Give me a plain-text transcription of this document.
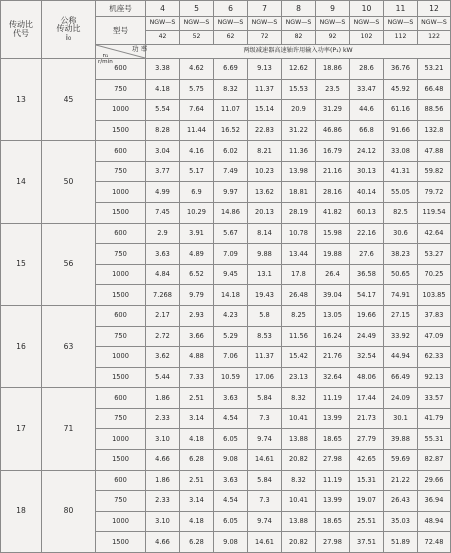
传动比
代号	公称
传动比
i₀	机座号	4	5	6	7	8	9	10	11	12
		型号	NGW—S	NGW—S	NGW—S	NGW—S	NGW—S	NGW—S	NGW—S	NGW—S	NGW—S
			42	52	62	72	82	92	102	112	122

		功 率
n₁
r/min	两级减速器高速轴许用输入功率(P₁) kW								
13	45	600	3.38	4.62	6.69	9.13	12.62	18.86	28.6	36.76	53.21
		750	4.18	5.75	8.32	11.37	15.53	23.5	33.47	45.92	66.48
		1000	5.54	7.64	11.07	15.14	20.9	31.29	44.6	61.16	88.56
		1500	8.28	11.44	16.52	22.83	31.22	46.86	66.8	91.66	132.8
14	50	600	3.04	4.16	6.02	8.21	11.36	16.79	24.12	33.08	47.88
		750	3.77	5.17	7.49	10.23	13.98	21.16	30.13	41.31	59.82
		1000	4.99	6.9	9.97	13.62	18.81	28.16	40.14	55.05	79.72
		1500	7.45	10.29	14.86	20.13	28.19	41.82	60.13	82.5	119.54
15	56	600	2.9	3.91	5.67	8.14	10.78	15.98	22.16	30.6	42.64
		750	3.63	4.89	7.09	9.88	13.44	19.88	27.6	38.23	53.27
		1000	4.84	6.52	9.45	13.1	17.8	26.4	36.58	50.65	70.25
		1500	7.268	9.79	14.18	19.43	26.48	39.04	54.17	74.91	103.85
16	63	600	2.17	2.93	4.23	5.8	8.25	13.05	19.66	27.15	37.83
		750	2.72	3.66	5.29	8.53	11.56	16.24	24.49	33.92	47.09
		1000	3.62	4.88	7.06	11.37	15.42	21.76	32.54	44.94	62.33
		1500	5.44	7.33	10.59	17.06	23.13	32.64	48.06	66.49	92.13
17	71	600	1.86	2.51	3.63	5.84	8.32	11.19	17.44	24.09	33.57
		750	2.33	3.14	4.54	7.3	10.41	13.99	21.73	30.1	41.79
		1000	3.10	4.18	6.05	9.74	13.88	18.65	27.79	39.88	55.31
		1500	4.66	6.28	9.08	14.61	20.82	27.98	42.65	59.69	82.87
18	80	600	1.86	2.51	3.63	5.84	8.32	11.19	15.31	21.22	29.66
		750	2.33	3.14	4.54	7.3	10.41	13.99	19.07	26.43	36.94
		1000	3.10	4.18	6.05	9.74	13.88	18.65	25.51	35.03	48.94
		1500	4.66	6.28	9.08	14.61	20.82	27.98	37.51	51.89	72.48
